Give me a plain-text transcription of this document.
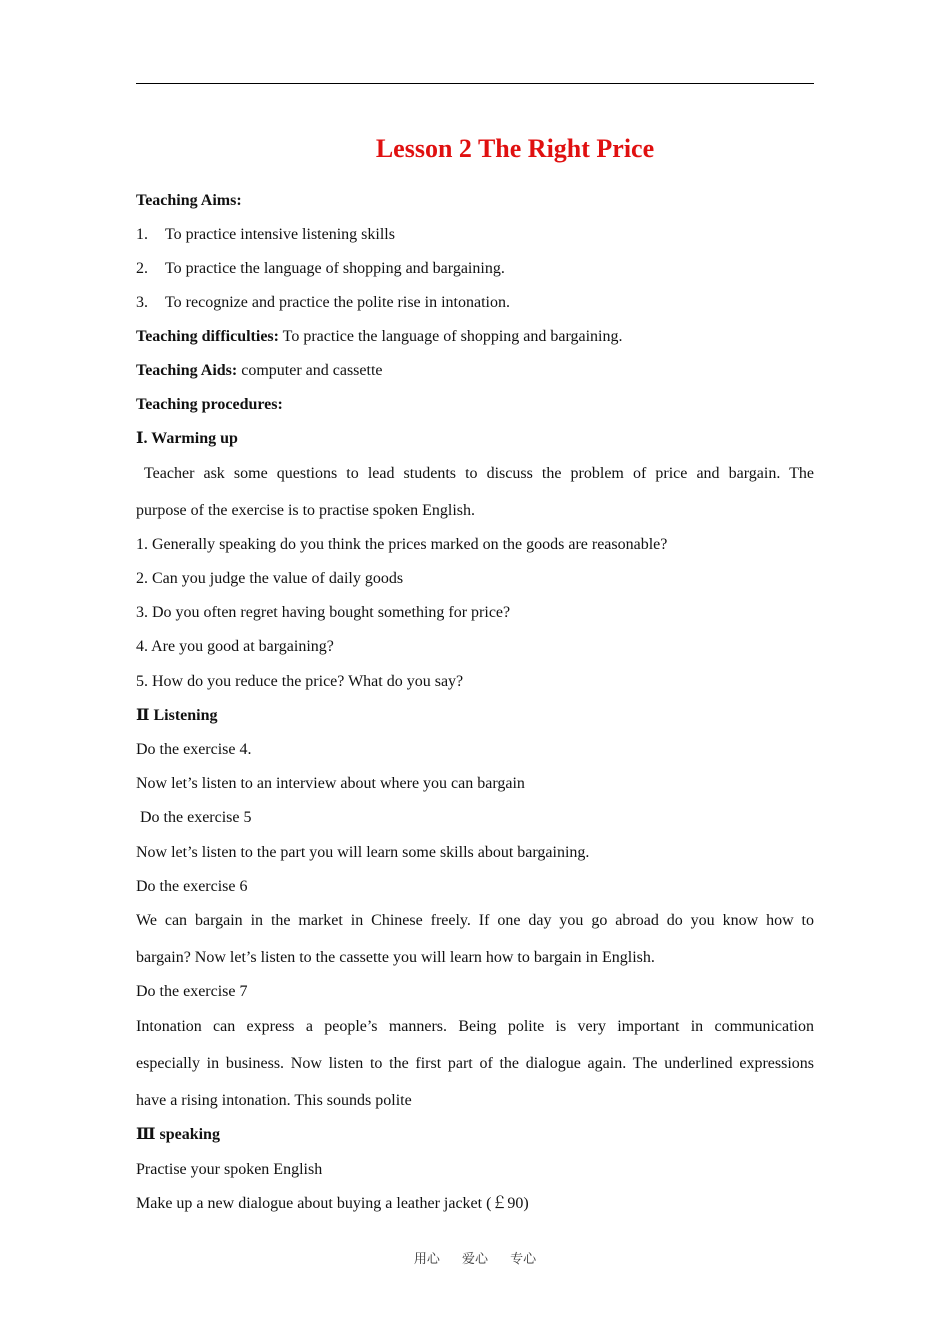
Lesson 2 The Right Price
Teaching Aims:
1. To practice intensive listening skills
2. To practice the language of shopping and bargaining.
3. To recognize and practice the polite rise in intonation.
Teaching difficulties: To practice the language of shopping and bargaining.
Teaching Aids: computer and cassette
Teaching procedures:
Ⅰ. Warming up
Teacher ask some questions to lead students to discuss the problem of price and bargain. The
purpose of the exercise is to practise spoken English.
1. Generally speaking do you think the prices marked on the goods are reasonable?
2. Can you judge the value of daily goods
3. Do you often regret having bought something for price?
4. Are you good at bargaining?
5. How do you reduce the price? What do you say?
Ⅱ Listening
Do the exercise 4.
Now let’s listen to an interview about where you can bargain
Do the exercise 5
Now let’s listen to the part you will learn some skills about bargaining.
Do the exercise 6
We can bargain in the market in Chinese freely. If one day you go abroad do you know how to
bargain? Now let’s listen to the cassette you will learn how to bargain in English.
Do the exercise 7
Intonation can express a people’s manners. Being polite is very important in communication
especially in business. Now listen to the first part of the dialogue again. The underlined expressions
have a rising intonation. This sounds polite
Ⅲ speaking
Practise your spoken English
Make up a new dialogue about buying a leather jacket (￡90)
用心 爱心 专心
